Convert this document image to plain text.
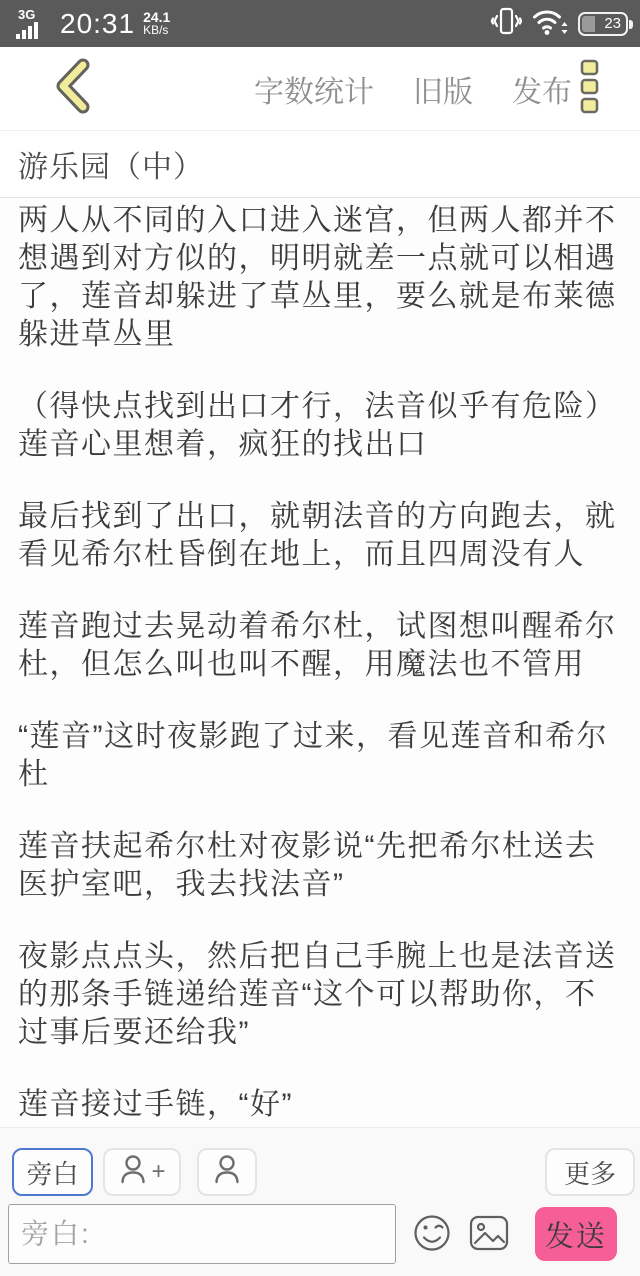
3G 20:31 24.1
KB/s	23
字数统计 旧版 发布
游乐园（中）

两人从不同的入口进入迷宫，但两人都并不想遇到对方似的，明明就差一点就可以相遇了，莲音却躲进了草丛里，要么就是布莱德躲进草丛里

（得快点找到出口才行，法音似乎有危险）莲音心里想着，疯狂的找出口

最后找到了出口，就朝法音的方向跑去，就看见希尔杜昏倒在地上，而且四周没有人

莲音跑过去晃动着希尔杜，试图想叫醒希尔杜，但怎么叫也叫不醒，用魔法也不管用

“莲音”这时夜影跑了过来，看见莲音和希尔杜

莲音扶起希尔杜对夜影说“先把希尔杜送去医护室吧，我去找法音”

夜影点点头，然后把自己手腕上也是法音送的那条手链递给莲音“这个可以帮助你，不过事后要还给我”

莲音接过手链，“好”

旁白	+	更多
旁白:
发送
